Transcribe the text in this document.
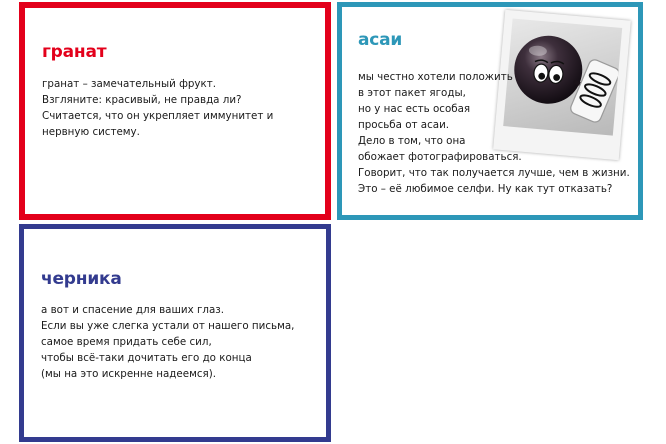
гранат

гранат – замечательный фрукт.
Взгляните: красивый, не правда ли?
Считается, что он укрепляет иммунитет и
нервную систему.

асаи

мы честно хотели положить
в этот пакет ягоды,
но у нас есть особая
просьба от асаи.
Дело в том, что она
обожает фотографироваться.
Говорит, что так получается лучше, чем в жизни.
Это – её любимое селфи. Ну как тут отказать?

черника

а вот и спасение для ваших глаз.
Если вы уже слегка устали от нашего письма,
самое время придать себе сил,
чтобы всё-таки дочитать его до конца
(мы на это искренне надеемся).
